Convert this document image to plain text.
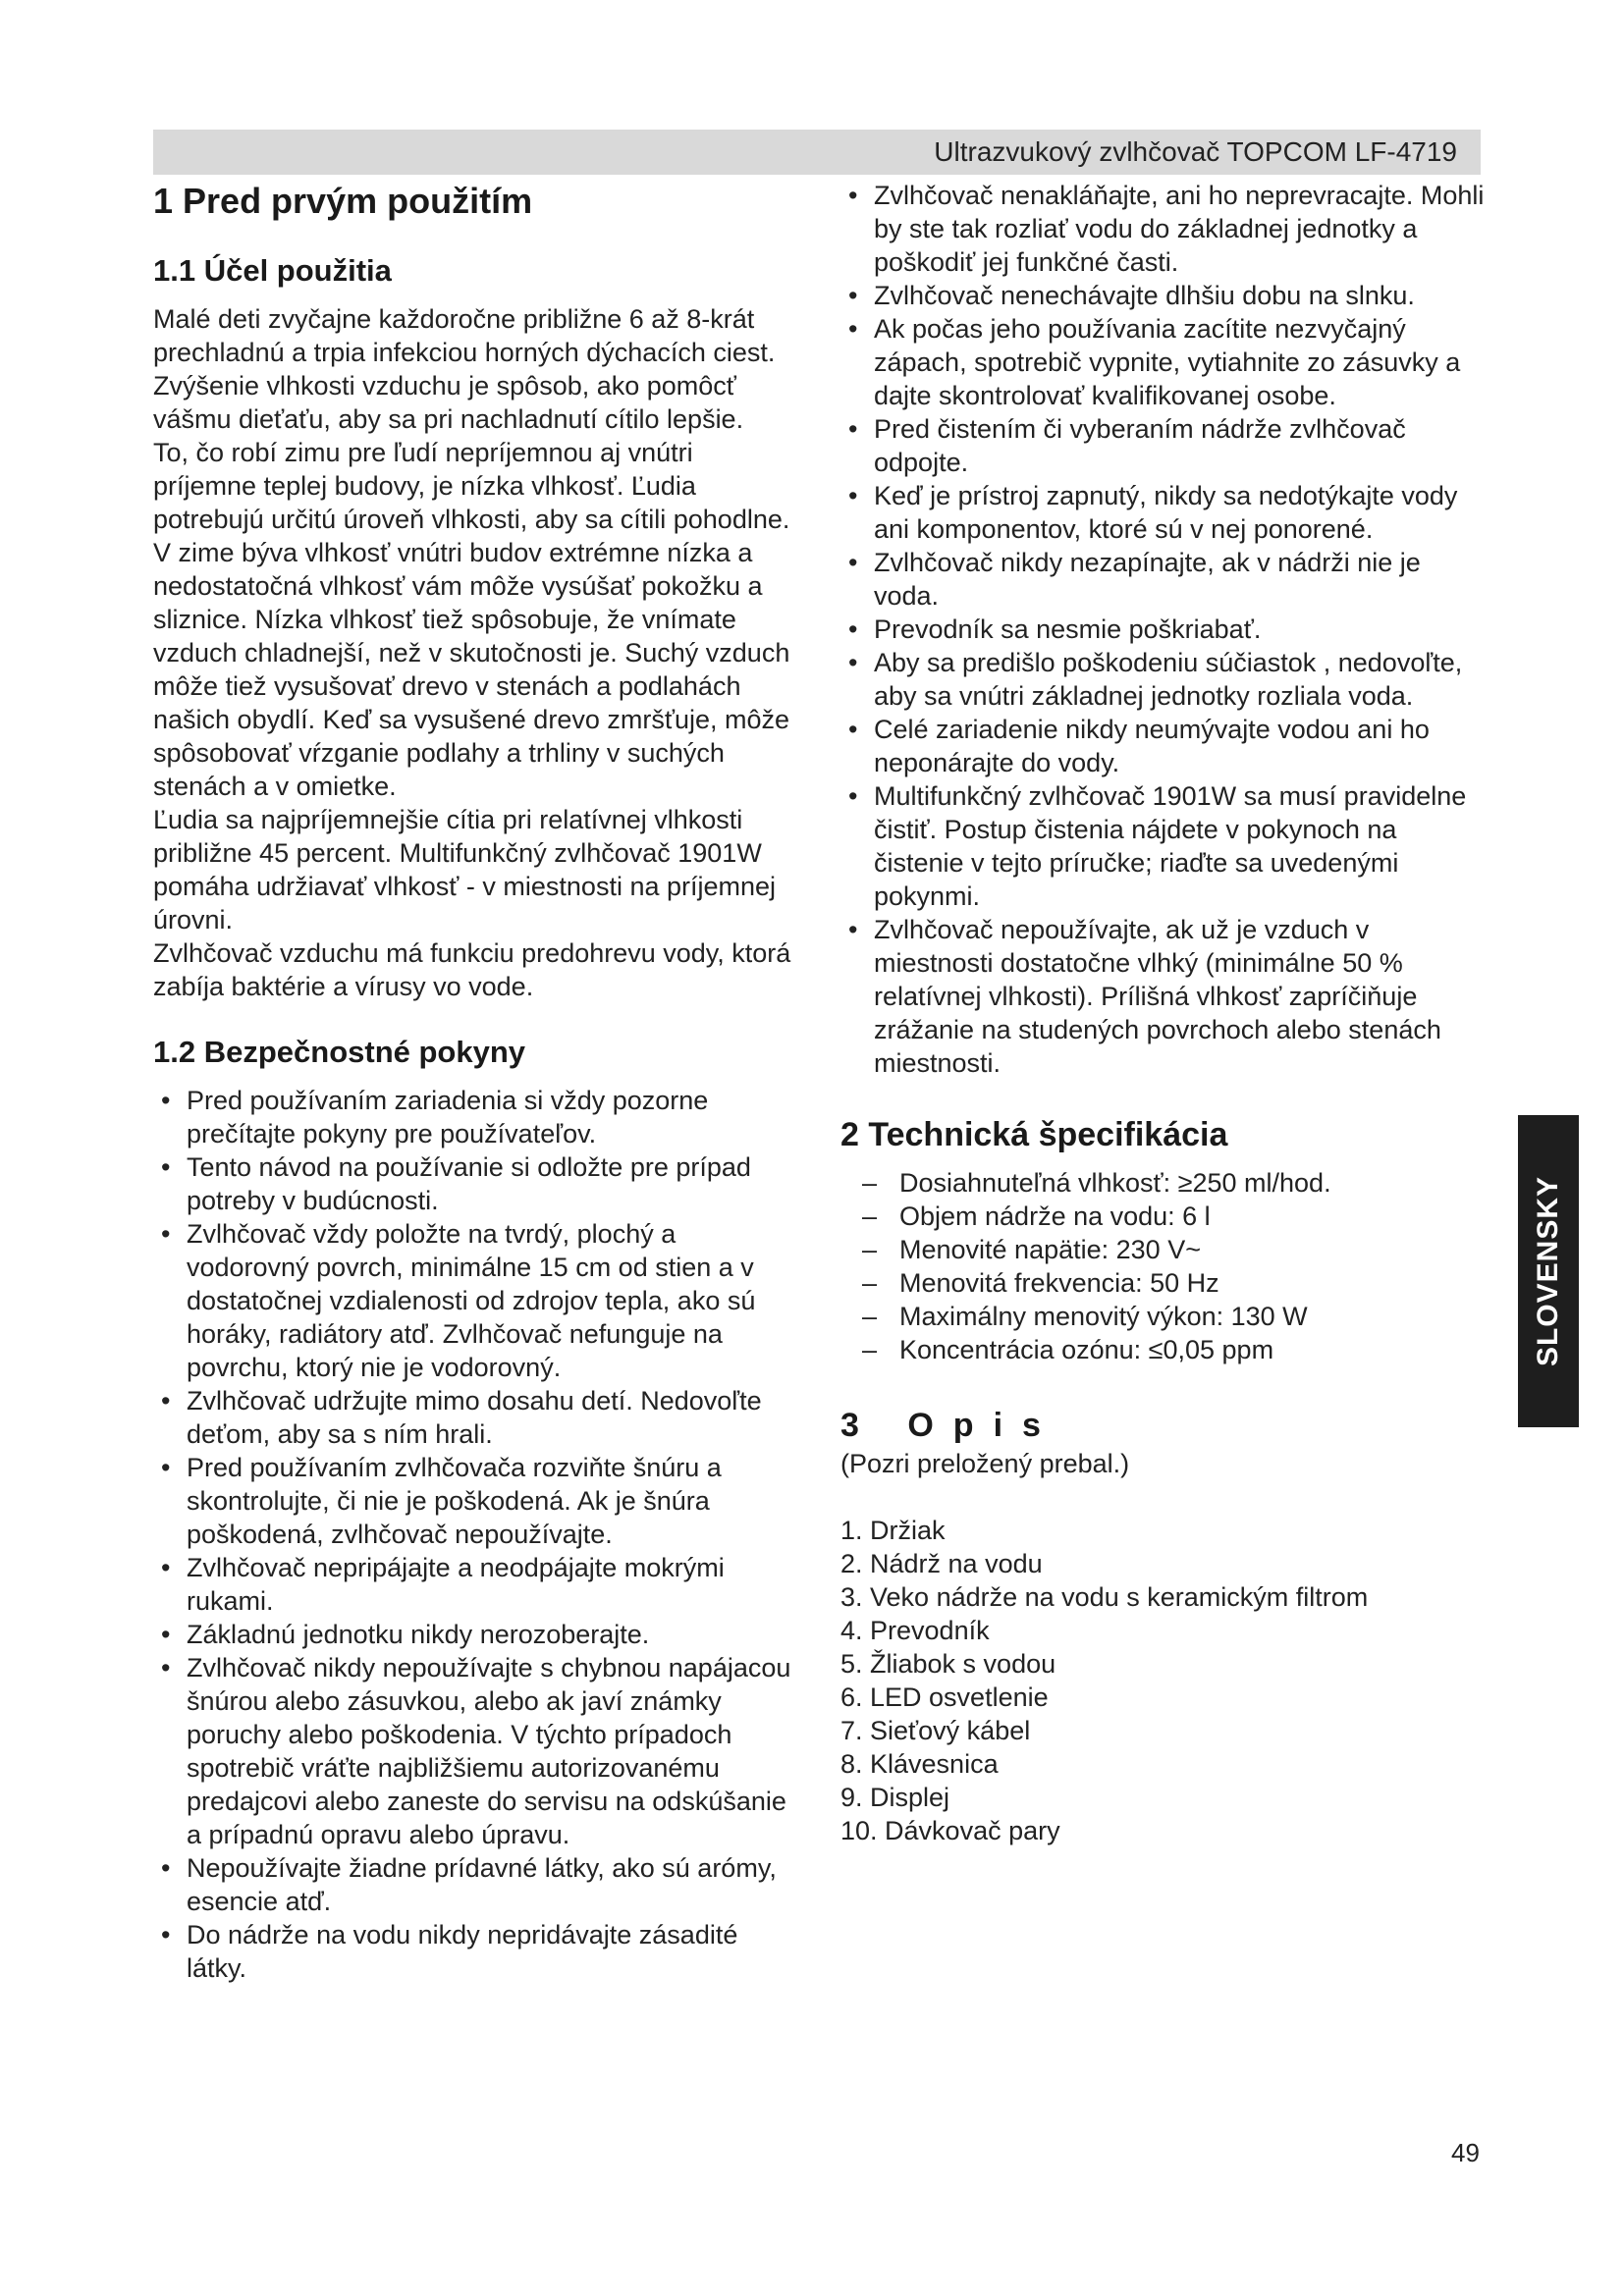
Ultrazvukový zvlhčovač TOPCOM LF-4719
1 Pred prvým použitím
1.1 Účel použitia

Malé deti zvyčajne každoročne približne 6 až 8-krát prechladnú a trpia infekciou horných dýchacích ciest. Zvýšenie vlhkosti vzduchu je spôsob, ako pomôcť vášmu dieťaťu, aby sa pri nachladnutí cítilo lepšie.

To, čo robí zimu pre ľudí nepríjemnou aj vnútri príjemne teplej budovy, je nízka vlhkosť. Ľudia potrebujú určitú úroveň vlhkosti, aby sa cítili pohodlne. V zime býva vlhkosť vnútri budov extrémne nízka a nedostatočná vlhkosť vám môže vysúšať pokožku a sliznice. Nízka vlhkosť tiež spôsobuje, že vnímate vzduch chladnejší, než v skutočnosti je. Suchý vzduch môže tiež vysušovať drevo v stenách a podlahách našich obydlí. Keď sa vysušené drevo zmršťuje, môže spôsobovať vŕzganie podlahy a trhliny v suchých stenách a v omietke.

Ľudia sa najpríjemnejšie cítia pri relatívnej vlhkosti približne 45 percent. Multifunkčný zvlhčovač 1901W pomáha udržiavať vlhkosť - v miestnosti na príjemnej úrovni.

Zvlhčovač vzduchu má funkciu predohrevu vody, ktorá zabíja baktérie a vírusy vo vode.

1.2 Bezpečnostné pokyny
• Pred používaním zariadenia si vždy pozorne prečítajte pokyny pre používateľov.
• Tento návod na používanie si odložte pre prípad potreby v budúcnosti.
• Zvlhčovač vždy položte na tvrdý, plochý a vodorovný povrch, minimálne 15 cm od stien a v dostatočnej vzdialenosti od zdrojov tepla, ako sú horáky, radiátory atď. Zvlhčovač nefunguje na povrchu, ktorý nie je vodorovný.
• Zvlhčovač udržujte mimo dosahu detí. Nedovoľte deťom, aby sa s ním hrali.
• Pred používaním zvlhčovača rozviňte šnúru a skontrolujte, či nie je poškodená. Ak je šnúra poškodená, zvlhčovač nepoužívajte.
• Zvlhčovač nepripájajte a neodpájajte mokrými rukami.
• Základnú jednotku nikdy nerozoberajte.
• Zvlhčovač nikdy nepoužívajte s chybnou napájacou šnúrou alebo zásuvkou, alebo ak javí známky poruchy alebo poškodenia. V týchto prípadoch spotrebič vráťte najbližšiemu autorizovanému predajcovi alebo zaneste do servisu na odskúšanie a prípadnú opravu alebo úpravu.
• Nepoužívajte žiadne prídavné látky, ako sú arómy, esencie atď.
• Do nádrže na vodu nikdy nepridávajte zásadité látky.
• Zvlhčovač nenakláňajte, ani ho neprevracajte. Mohli by ste tak rozliať vodu do základnej jednotky a poškodiť jej funkčné časti.
• Zvlhčovač nenechávajte dlhšiu dobu na slnku.
• Ak počas jeho používania zacítite nezvyčajný zápach, spotrebič vypnite, vytiahnite zo zásuvky a dajte skontrolovať kvalifikovanej osobe.
• Pred čistením či vyberaním nádrže zvlhčovač odpojte.
• Keď je prístroj zapnutý, nikdy sa nedotýkajte vody ani komponentov, ktoré sú v nej ponorené.
• Zvlhčovač nikdy nezapínajte, ak v nádrži nie je voda.
• Prevodník sa nesmie poškriabať.
• Aby sa predišlo poškodeniu súčiastok , nedovoľte, aby sa vnútri základnej jednotky rozliala voda.
• Celé zariadenie nikdy neumývajte vodou ani ho neponárajte do vody.
• Multifunkčný zvlhčovač 1901W sa musí pravidelne čistiť. Postup čistenia nájdete v pokynoch na čistenie v tejto príručke; riaďte sa uvedenými pokynmi.
• Zvlhčovač nepoužívajte, ak už je vzduch v miestnosti dostatočne vlhký (minimálne 50 % relatívnej vlhkosti). Prílišná vlhkosť zapríčiňuje zrážanie na studených povrchoch alebo stenách miestnosti.
2 Technická špecifikácia
– Dosiahnuteľná vlhkosť: ≥250 ml/hod.
– Objem nádrže na vodu: 6 l
– Menovité napätie: 230 V~
– Menovitá frekvencia: 50 Hz
– Maximálny menovitý výkon: 130 W
– Koncentrácia ozónu: ≤0,05 ppm
3 Opis

(Pozri preložený prebal.)

1. Držiak
2. Nádrž na vodu
3. Veko nádrže na vodu s keramickým filtrom
4. Prevodník
5. Žliabok s vodou
6. LED osvetlenie
7. Sieťový kábel
8. Klávesnica
9. Displej
10. Dávkovač pary
SLOVENSKY
49
